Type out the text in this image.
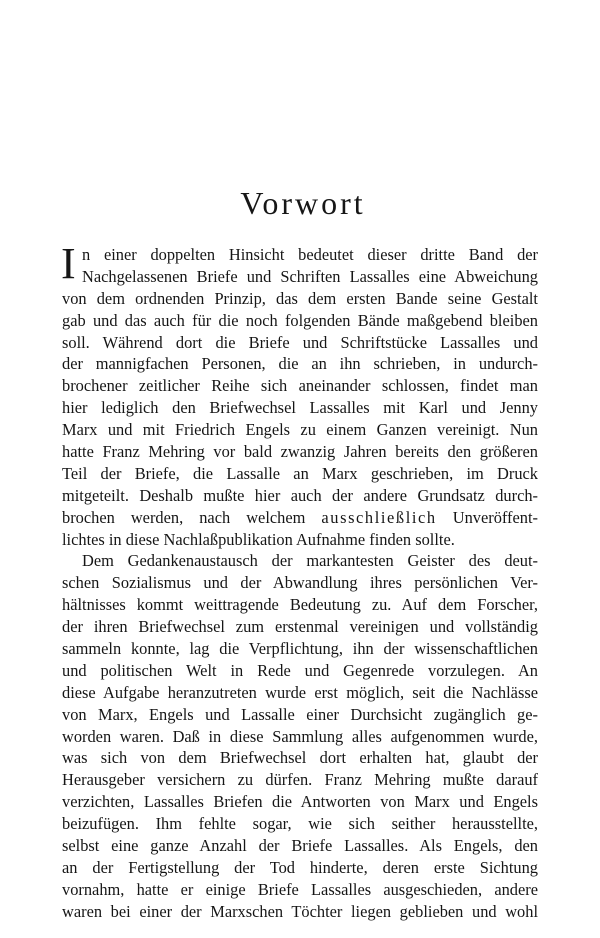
Vorwort
I n einer doppelten Hinsicht bedeutet dieser dritte Band der
Nachgelassenen Briefe und Schriften Lassalles eine Abweichung
von dem ordnenden Prinzip, das dem ersten Bande seine Gestalt
gab und das auch für die noch folgenden Bände maßgebend bleiben
soll. Während dort die Briefe und Schriftstücke Lassalles und
der mannigfachen Personen, die an ihn schrieben, in undurch-
brochener zeitlicher Reihe sich aneinander schlossen, findet man
hier lediglich den Briefwechsel Lassalles mit Karl und Jenny
Marx und mit Friedrich Engels zu einem Ganzen vereinigt. Nun
hatte Franz Mehring vor bald zwanzig Jahren bereits den größeren
Teil der Briefe, die Lassalle an Marx geschrieben, im Druck
mitgeteilt. Deshalb mußte hier auch der andere Grundsatz durch-
brochen werden, nach welchem ausschließlich Unveröffent-
lichtes in diese Nachlaßpublikation Aufnahme finden sollte.
Dem Gedankenaustausch der markantesten Geister des deut-
schen Sozialismus und der Abwandlung ihres persönlichen Ver-
hältnisses kommt weittragende Bedeutung zu. Auf dem Forscher,
der ihren Briefwechsel zum erstenmal vereinigen und vollständig
sammeln konnte, lag die Verpflichtung, ihn der wissenschaftlichen
und politischen Welt in Rede und Gegenrede vorzulegen. An
diese Aufgabe heranzutreten wurde erst möglich, seit die Nachlässe
von Marx, Engels und Lassalle einer Durchsicht zugänglich ge-
worden waren. Daß in diese Sammlung alles aufgenommen wurde,
was sich von dem Briefwechsel dort erhalten hat, glaubt der
Herausgeber versichern zu dürfen. Franz Mehring mußte darauf
verzichten, Lassalles Briefen die Antworten von Marx und Engels
beizufügen. Ihm fehlte sogar, wie sich seither herausstellte,
selbst eine ganze Anzahl der Briefe Lassalles. Als Engels, den
an der Fertigstellung der Tod hinderte, deren erste Sichtung
vornahm, hatte er einige Briefe Lassalles ausgeschieden, andere
waren bei einer der Marxschen Töchter liegen geblieben und wohl
